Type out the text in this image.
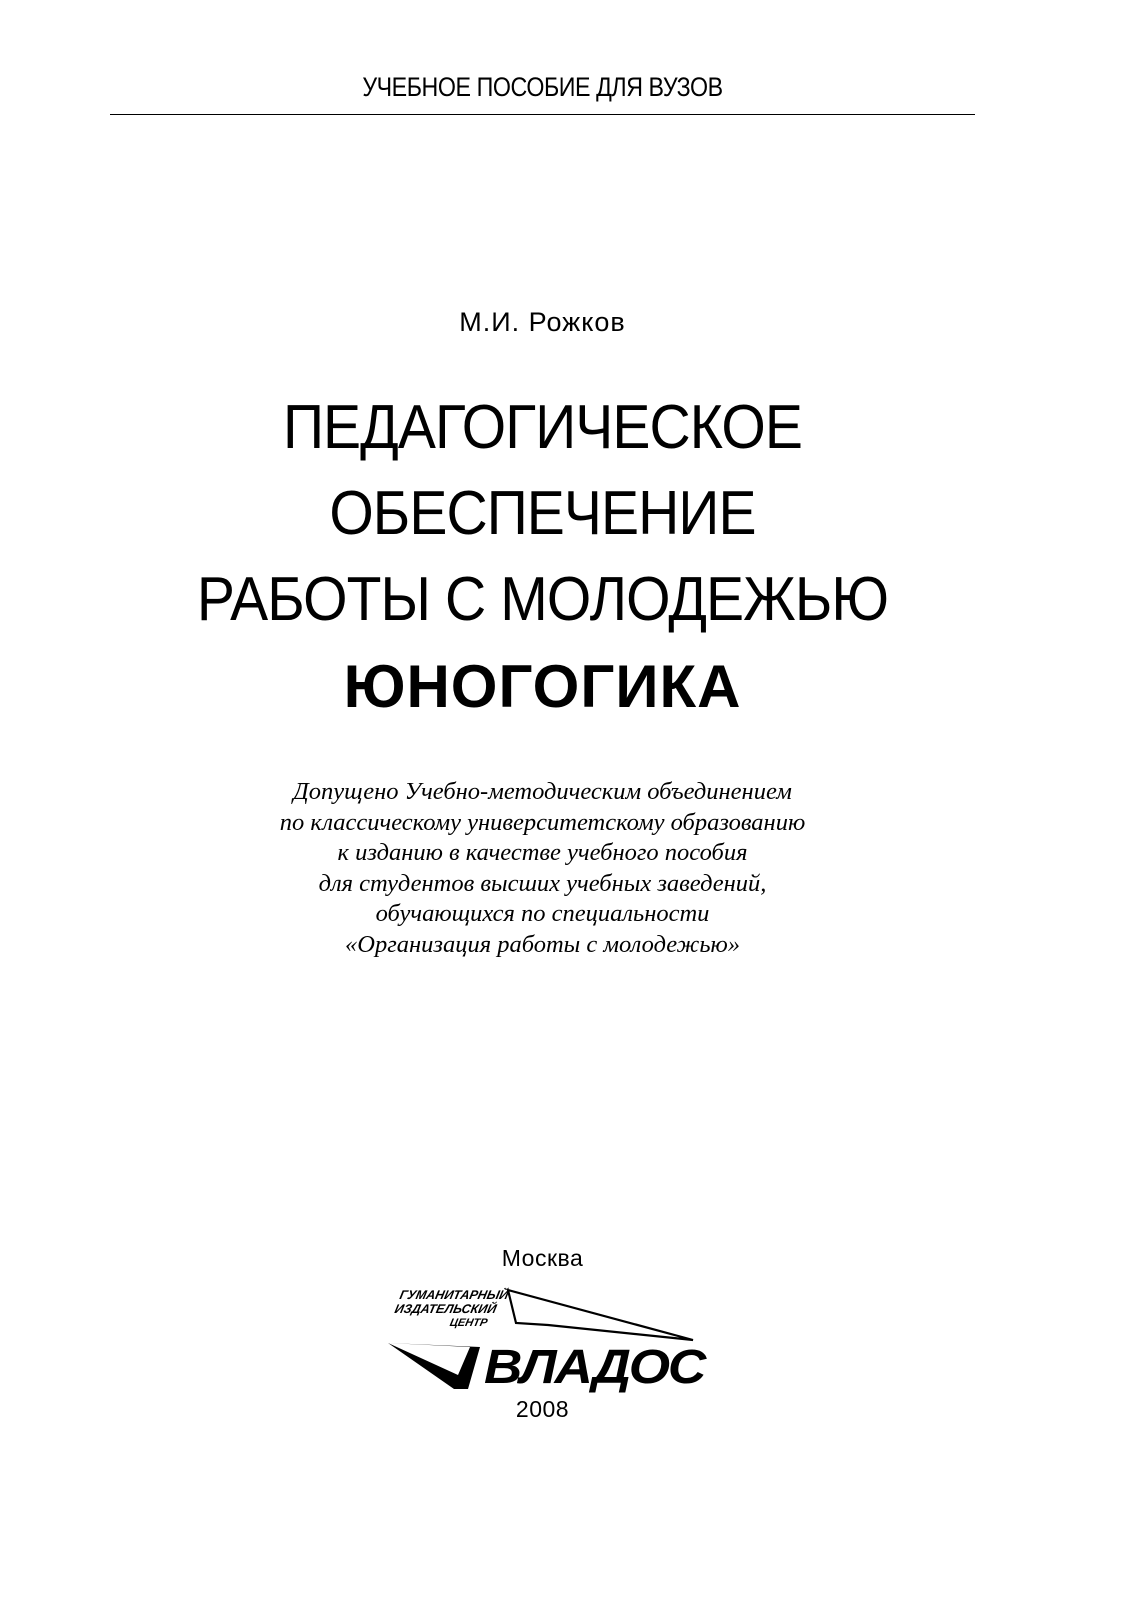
УЧЕБНОЕ ПОСОБИЕ ДЛЯ ВУЗОВ
М.И. Рожков
ПЕДАГОГИЧЕСКОЕ
ОБЕСПЕЧЕНИЕ
РАБОТЫ С МОЛОДЕЖЬЮ
ЮНОГОГИКА
Допущено Учебно-методическим объединением
по классическому университетскому образованию
к изданию в качестве учебного пособия
для студентов высших учебных заведений,
обучающихся по специальности
«Организация работы с молодежью»
Москва
ГУМАНИТАРНЫЙ
ИЗДАТЕЛЬСКИЙ
ЦЕНТР
ВЛАДОС
2008
